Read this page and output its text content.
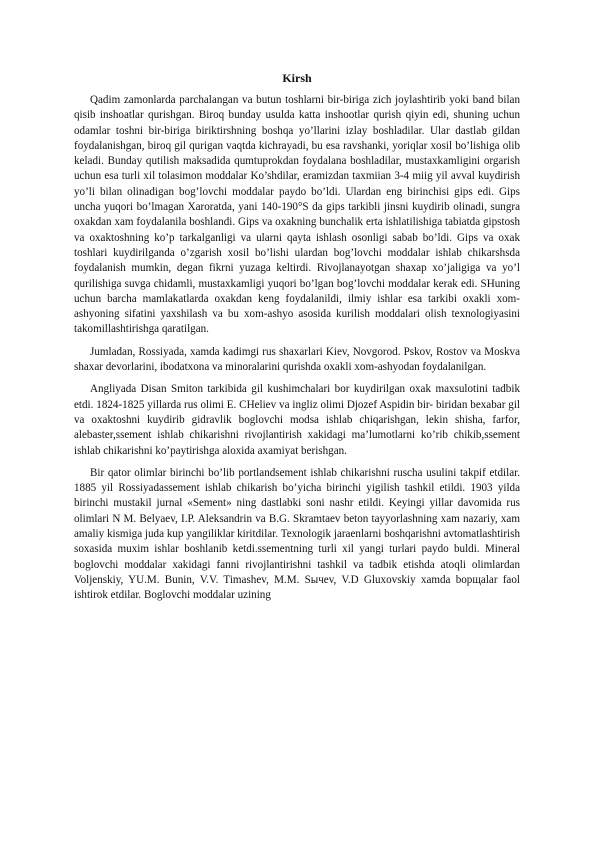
Kirsh

Qadim zamonlarda parchalangan va butun toshlarni bir-biriga zich joylashtirib yoki band bilan qisib inshoatlar qurishgan. Biroq bunday usulda katta inshootlar qurish qiyin edi, shuning uchun odamlar toshni bir-biriga biriktirshning boshqa yo’llarini izlay boshladilar. Ular dastlab gildan foydalanishgan, biroq gil qurigan vaqtda kichrayadi, bu esa ravshanki, yoriqlar xosil bo’lishiga olib keladi. Bunday qutilish maksadida qumtuprokdan foydalana boshladilar, mustaxkamligini orgarish uchun esa turli xil tolasimon moddalar Ko’shdilar, eramizdan taxmiian 3-4 miig yil avval kuydirish yo’li bilan olinadigan bog’lovchi moddalar paydo bo’ldi. Ulardan eng birinchisi gips edi. Gips uncha yuqori bo’lmagan Xaroratda, yani 140-190°S da gips tarkibli jinsni kuydirib olinadi, sungra oxakdan xam foydalanila boshlandi. Gips va oxakning bunchalik erta ishlatilishiga tabiatda gipstosh va oxaktoshning ko’p tarkalganligi va ularni qayta ishlash osonligi sabab bo’ldi. Gips va oxak toshlari kuydirilganda o’zgarish xosil bo’lishi ulardan bog’lovchi moddalar ishlab chikarshsda foydalanish mumkin, degan fikrni yuzaga keltirdi. Rivojlanayotgan shaxap xo’jaligiga va yo’l qurilishiga suvga chidamli, mustaxkamligi yuqori bo’lgan bog’lovchi moddalar kerak edi. SHuning uchun barcha mamlakatlarda oxakdan keng foydalanildi, ilmiy ishlar esa tarkibi oxakli xom-ashyoning sifatini yaxshilash va bu xom-ashyo asosida kurilish moddalari olish texnologiyasini takomillashtirishga qaratilgan.

Jumladan, Rossiyada, xamda kadimgi rus shaxarlari Kiev, Novgorod. Pskov, Rostov va Moskva shaxar devorlarini, ibodatxona va minoralarini qurishda oxakli xom-ashyodan foydalanilgan.

Angliyada Disan Smiton tarkibida gil kushimchalari bor kuydirilgan oxak maxsulotini tadbik etdi. 1824-1825 yillarda rus olimi E. CHeliev va ingliz olimi Djozef Aspidin bir- biridan bexabar gil va oxaktoshni kuydirib gidravlik boglovchi modsa ishlab chiqarishgan, lekin shisha, farfor, alebaster,ssement ishlab chikarishni rivojlantirish xakidagi ma’lumotlarni ko’rib chikib,ssement ishlab chikarishni ko’paytirishga aloxida axamiyat berishgan.

Bir qator olimlar birinchi bo’lib portlandsement ishlab chikarishni ruscha usulini takpif etdilar. 1885 yil Rossiyadassement ishlab chikarish bo’yicha birinchi yigilish tashkil etildi. 1903 yilda birinchi mustakil jurnal «Sement» ning dastlabki soni nashr etildi. Keyingi yillar davomida rus olimlari N M. Belyaev, I.P. Aleksandrin va B.G. Skramtaev beton tayyorlashning xam nazariy, xam amaliy kismiga juda kup yangiliklar kiritdilar. Texnologik jaraenlarni boshqarishni avtomatlashtirish soxasida muxim ishlar boshlanib ketdi.ssementning turli xil yangi turlari paydo buldi. Mineral boglovchi moddalar xakidagi fanni rivojlantirishni tashkil va tadbik etishda atoqli olimlardan Voljenskiy, YU.M. Bunin, V.V. Timashev, M.M. Sычev, V.D Gluxovskiy xamda bopщalar faol ishtirok etdilar. Boglovchi moddalar uzining
